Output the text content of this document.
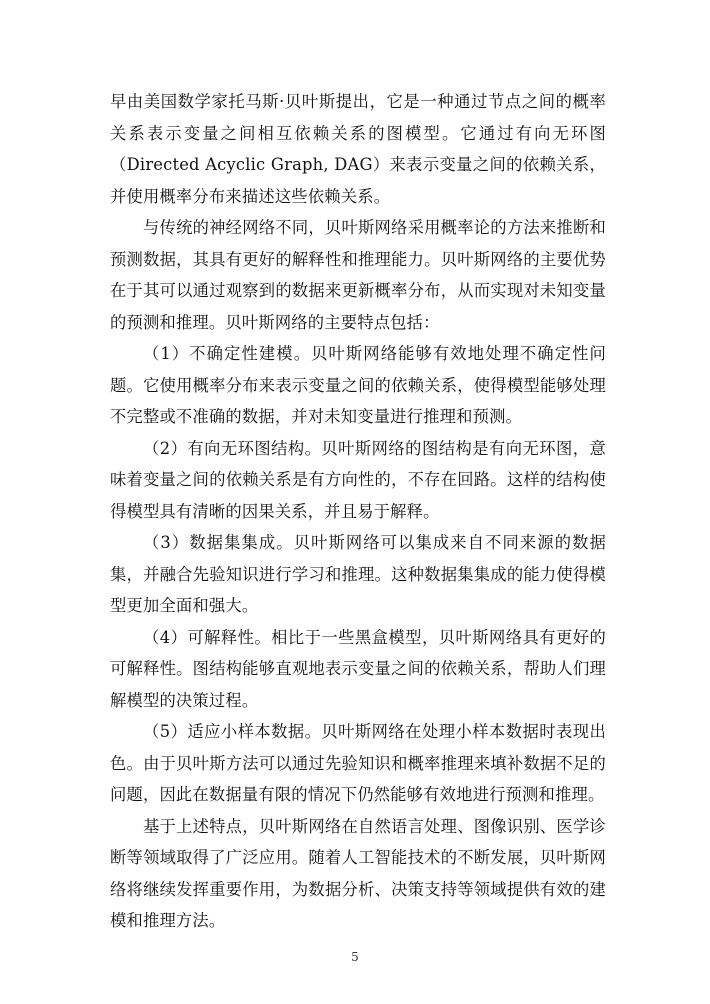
早由美国数学家托马斯·贝叶斯提出，它是一种通过节点之间的概率关系表示变量之间相互依赖关系的图模型。它通过有向无环图（Directed Acyclic Graph, DAG）来表示变量之间的依赖关系，并使用概率分布来描述这些依赖关系。

与传统的神经网络不同，贝叶斯网络采用概率论的方法来推断和预测数据，其具有更好的解释性和推理能力。贝叶斯网络的主要优势在于其可以通过观察到的数据来更新概率分布，从而实现对未知变量的预测和推理。贝叶斯网络的主要特点包括：

（1）不确定性建模。贝叶斯网络能够有效地处理不确定性问题。它使用概率分布来表示变量之间的依赖关系，使得模型能够处理不完整或不准确的数据，并对未知变量进行推理和预测。

（2）有向无环图结构。贝叶斯网络的图结构是有向无环图，意味着变量之间的依赖关系是有方向性的，不存在回路。这样的结构使得模型具有清晰的因果关系，并且易于解释。

（3）数据集集成。贝叶斯网络可以集成来自不同来源的数据集，并融合先验知识进行学习和推理。这种数据集集成的能力使得模型更加全面和强大。

（4）可解释性。相比于一些黑盒模型，贝叶斯网络具有更好的可解释性。图结构能够直观地表示变量之间的依赖关系，帮助人们理解模型的决策过程。

（5）适应小样本数据。贝叶斯网络在处理小样本数据时表现出色。由于贝叶斯方法可以通过先验知识和概率推理来填补数据不足的问题，因此在数据量有限的情况下仍然能够有效地进行预测和推理。

基于上述特点，贝叶斯网络在自然语言处理、图像识别、医学诊断等领域取得了广泛应用。随着人工智能技术的不断发展，贝叶斯网络将继续发挥重要作用，为数据分析、决策支持等领域提供有效的建模和推理方法。

5
